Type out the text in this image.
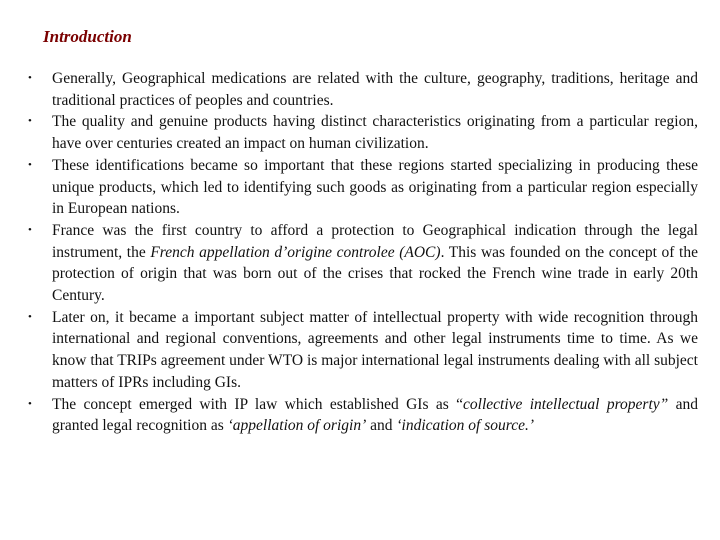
Introduction
•	Generally, Geographical medications are related with the culture, geography, traditions, heritage and traditional practices of peoples and countries.
•	The quality and genuine products having distinct characteristics originating from a particular region, have over centuries created an impact on human civilization.
•	These identifications became so important that these regions started specializing in producing these unique products, which led to identifying such goods as originating from a particular region especially in European nations.
•	France was the first country to afford a protection to Geographical indication through the legal instrument, the French appellation d’origine controlee (AOC). This was founded on the concept of the protection of origin that was born out of the crises that rocked the French wine trade in early 20th Century.
•	Later on, it became a important subject matter of intellectual property with wide recognition through international and regional conventions, agreements and other legal instruments time to time. As we know that TRIPs agreement under WTO is major international legal instruments dealing with all subject matters of IPRs including GIs.
•	The concept emerged with IP law which established GIs as “collective intellectual property” and granted legal recognition as ‘appellation of origin’ and ‘indication of source.’
